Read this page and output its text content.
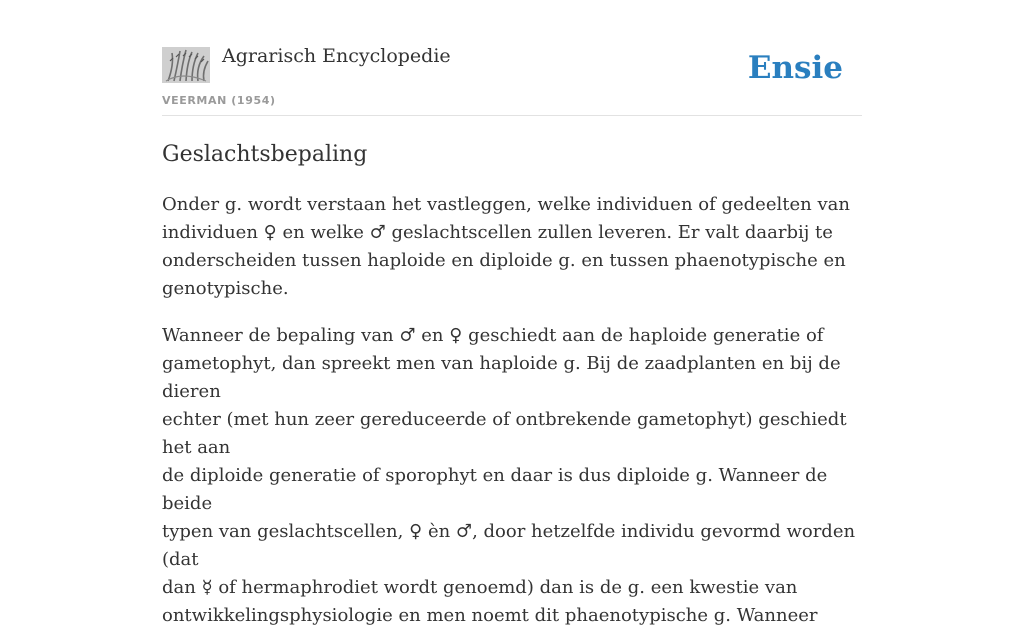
Agrarisch Encyclopedie
VEERMAN (1954)
Ensie
Geslachtsbepaling

Onder g. wordt verstaan het vastleggen, welke individuen of gedeelten van
individuen ♀ en welke ♂ geslachtscellen zullen leveren. Er valt daarbij te
onderscheiden tussen haploide en diploide g. en tussen phaenotypische en
genotypische.

Wanneer de bepaling van ♂ en ♀ geschiedt aan de haploide generatie of
gametophyt, dan spreekt men van haploide g. Bij de zaadplanten en bij de dieren
echter (met hun zeer gereduceerde of ontbrekende gametophyt) geschiedt het aan
de diploide generatie of sporophyt en daar is dus diploide g. Wanneer de beide
typen van geslachtscellen, ♀ èn ♂, door hetzelfde individu gevormd worden (dat
dan ☿ of hermaphrodiet wordt genoemd) dan is de g. een kwestie van
ontwikkelingsphysiologie en men noemt dit phaenotypische g. Wanneer
